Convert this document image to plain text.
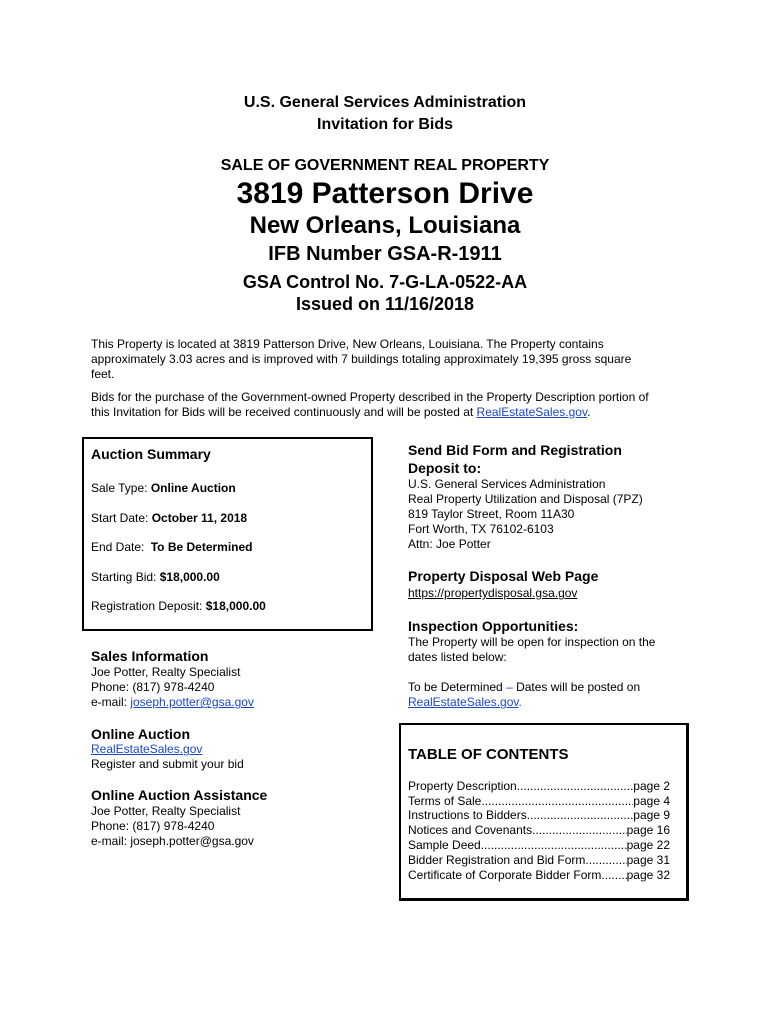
U.S. General Services Administration
Invitation for Bids
SALE OF GOVERNMENT REAL PROPERTY
3819 Patterson Drive
New Orleans, Louisiana
IFB Number GSA-R-1911
GSA Control No. 7-G-LA-0522-AA
Issued on 11/16/2018
This Property is located at 3819 Patterson Drive, New Orleans, Louisiana. The Property contains
approximately 3.03 acres and is improved with 7 buildings totaling approximately 19,395 gross square
feet.
Bids for the purchase of the Government-owned Property described in the Property Description portion of
this Invitation for Bids will be received continuously and will be posted at RealEstateSales.gov.
Auction Summary
Sale Type: Online Auction
Start Date: October 11, 2018
End Date: To Be Determined
Starting Bid: $18,000.00
Registration Deposit: $18,000.00
Send Bid Form and Registration
Deposit to:
U.S. General Services Administration
Real Property Utilization and Disposal (7PZ)
819 Taylor Street, Room 11A30
Fort Worth, TX 76102-6103
Attn: Joe Potter
Property Disposal Web Page
https://propertydisposal.gsa.gov
Inspection Opportunities:
The Property will be open for inspection on the
dates listed below:
To be Determined – Dates will be posted on
RealEstateSales.gov.
Sales Information
Joe Potter, Realty Specialist
Phone: (817) 978-4240
e-mail: joseph.potter@gsa.gov
Online Auction
RealEstateSales.gov
Register and submit your bid
Online Auction Assistance
Joe Potter, Realty Specialist
Phone: (817) 978-4240
e-mail: joseph.potter@gsa.gov
TABLE OF CONTENTS
Property Description .....	page 2
Terms of Sale .....	page 4
Instructions to Bidders .....	page 9
Notices and Covenants .....	page 16
Sample Deed .....	page 22
Bidder Registration and Bid Form .....	page 31
Certificate of Corporate Bidder Form ..... page 32
